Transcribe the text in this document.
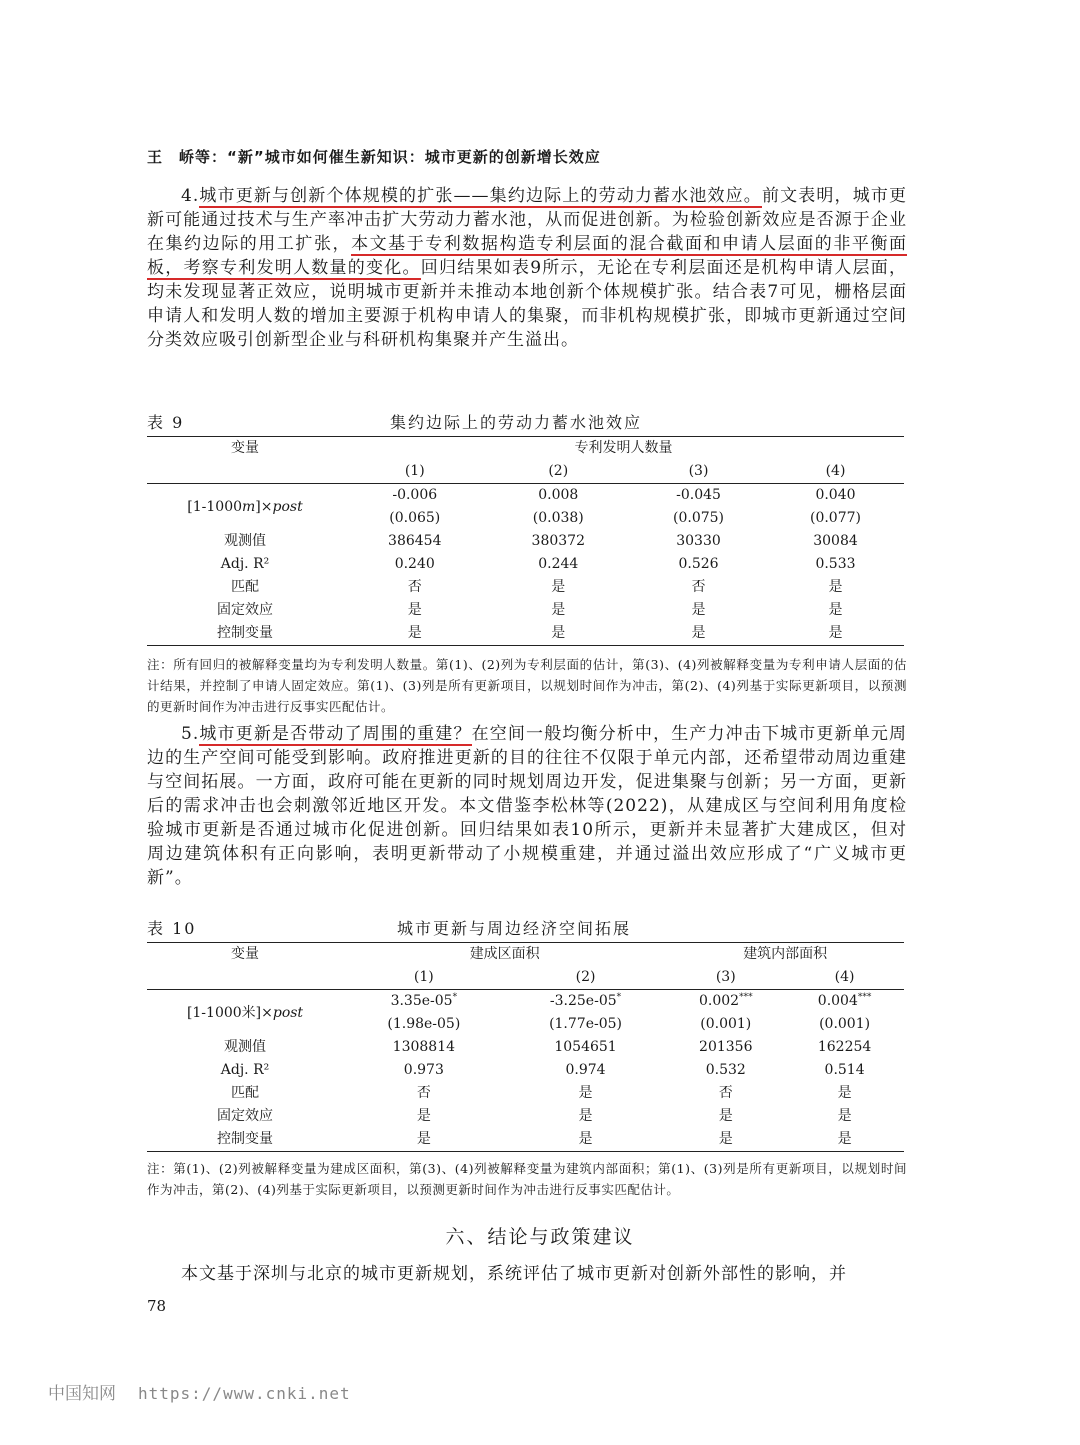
王　峤等：“新”城市如何催生新知识：城市更新的创新增长效应
4.城市更新与创新个体规模的扩张——集约边际上的劳动力蓄水池效应。前文表明，城市更新可能通过技术与生产率冲击扩大劳动力蓄水池，从而促进创新。为检验创新效应是否源于企业在集约边际的用工扩张，本文基于专利数据构造专利层面的混合截面和申请人层面的非平衡面板，考察专利发明人数量的变化。回归结果如表9所示，无论在专利层面还是机构申请人层面，均未发现显著正效应，说明城市更新并未推动本地创新个体规模扩张。结合表7可见，栅格层面申请人和发明人数的增加主要源于机构申请人的集聚，而非机构规模扩张，即城市更新通过空间分类效应吸引创新型企业与科研机构集聚并产生溢出。
表 9	集约边际上的劳动力蓄水池效应
变量	专利发明人数量			
	(1)	(2)	(3)	(4)
[1-1000m]×post	-0.006	0.008	-0.045	0.040
	(0.065)	(0.038)	(0.075)	(0.077)
观测值	386454	380372	30330	30084
Adj. R²	0.240	0.244	0.526	0.533
匹配	否	是	否	是
固定效应	是	是	是	是
控制变量	是	是	是	是
注：所有回归的被解释变量均为专利发明人数量。第(1)、(2)列为专利层面的估计，第(3)、(4)列被解释变量为专利申请人层面的估计结果，并控制了申请人固定效应。第(1)、(3)列是所有更新项目，以规划时间作为冲击，第(2)、(4)列基于实际更新项目，以预测的更新时间作为冲击进行反事实匹配估计。
5.城市更新是否带动了周围的重建？在空间一般均衡分析中，生产力冲击下城市更新单元周边的生产空间可能受到影响。政府推进更新的目的往往不仅限于单元内部，还希望带动周边重建与空间拓展。一方面，政府可能在更新的同时规划周边开发，促进集聚与创新；另一方面，更新后的需求冲击也会刺激邻近地区开发。本文借鉴李松林等(2022)，从建成区与空间利用角度检验城市更新是否通过城市化促进创新。回归结果如表10所示，更新并未显著扩大建成区，但对周边建筑体积有正向影响，表明更新带动了小规模重建，并通过溢出效应形成了“广义城市更新”。
表 10	城市更新与周边经济空间拓展
变量	建成区面积		建筑内部面积	
	(1)	(2)	(3)	(4)
[1-1000米]×post	3.35e-05*	-3.25e-05*	0.002***	0.004***
	(1.98e-05)	(1.77e-05)	(0.001)	(0.001)
观测值	1308814	1054651	201356	162254
Adj. R²	0.973	0.974	0.532	0.514
匹配	否	是	否	是
固定效应	是	是	是	是
控制变量	是	是	是	是
注：第(1)、(2)列被解释变量为建成区面积，第(3)、(4)列被解释变量为建筑内部面积；第(1)、(3)列是所有更新项目，以规划时间作为冲击，第(2)、(4)列基于实际更新项目，以预测更新时间作为冲击进行反事实匹配估计。
六、结论与政策建议
本文基于深圳与北京的城市更新规划，系统评估了城市更新对创新外部性的影响，并
78
中国知网 https://www.cnki.net
